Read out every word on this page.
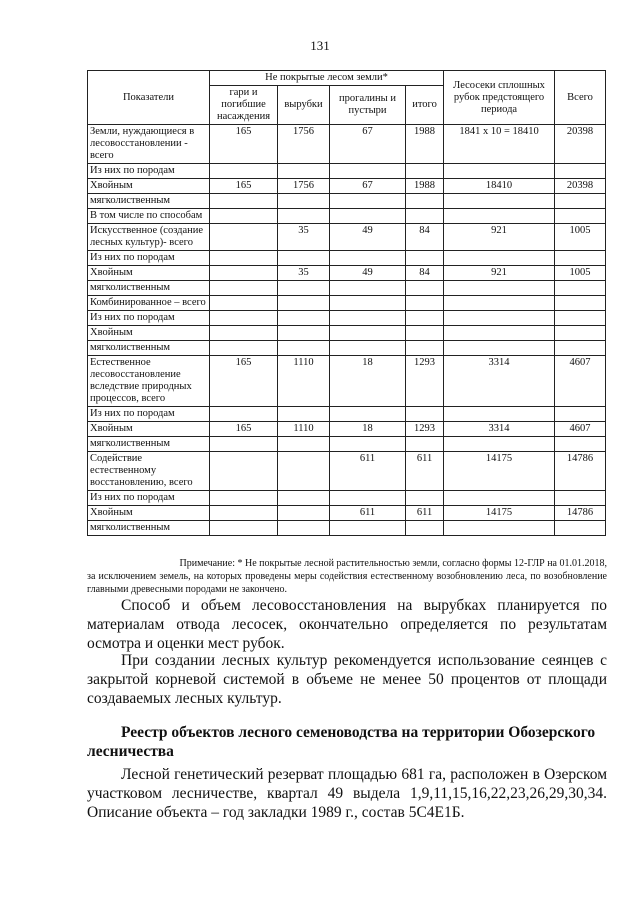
131
Показатели	Не покрытые лесом земли*				Лесосеки сплошных рубок предстоящего периода	Всего
	гари и погибшие насаждения	вырубки	прогалины и пустыри	итого		
Земли, нуждающиеся в лесовосстановлении - всего	165	1756	67	1988	1841 х 10 = 18410	20398
Из них по породам						
Хвойным	165	1756	67	1988	18410	20398
мягколиственным						
В том числе по способам						
Искусственное (создание лесных культур)- всего		35	49	84	921	1005
Из них по породам						
Хвойным		35	49	84	921	1005
мягколиственным						
Комбинированное – всего						
Из них по породам						
Хвойным						
мягколиственным						
Естественное лесовосстановление вследствие природных процессов, всего	165	1110	18	1293	3314	4607
Из них по породам						
Хвойным	165	1110	18	1293	3314	4607
мягколиственным						
Содействие естественному восстановлению, всего			611	611	14175	14786
Из них по породам						
Хвойным			611	611	14175	14786
мягколиственным						
Примечание: * Не покрытые лесной растительностью земли, согласно формы 12-ГЛР на 01.01.2018,
за исключением земель, на которых проведены меры содействия естественному возобновлению леса, по возобновление главными древесными породами не закончено.

Способ и объем лесовосстановления на вырубках планируется по материалам отвода лесосек, окончательно определяется по результатам осмотра и оценки мест рубок.

При создании лесных культур рекомендуется использование сеянцев с закрытой корневой системой в объеме не менее 50 процентов от площади создаваемых лесных культур.

Реестр объектов лесного семеноводства на территории Обозерского лесничества

Лесной генетический резерват площадью 681 га, расположен в Озерском участковом лесничестве, квартал 49 выдела 1,9,11,15,16,22,23,26,29,30,34. Описание объекта – год закладки 1989 г., состав 5С4Е1Б.
